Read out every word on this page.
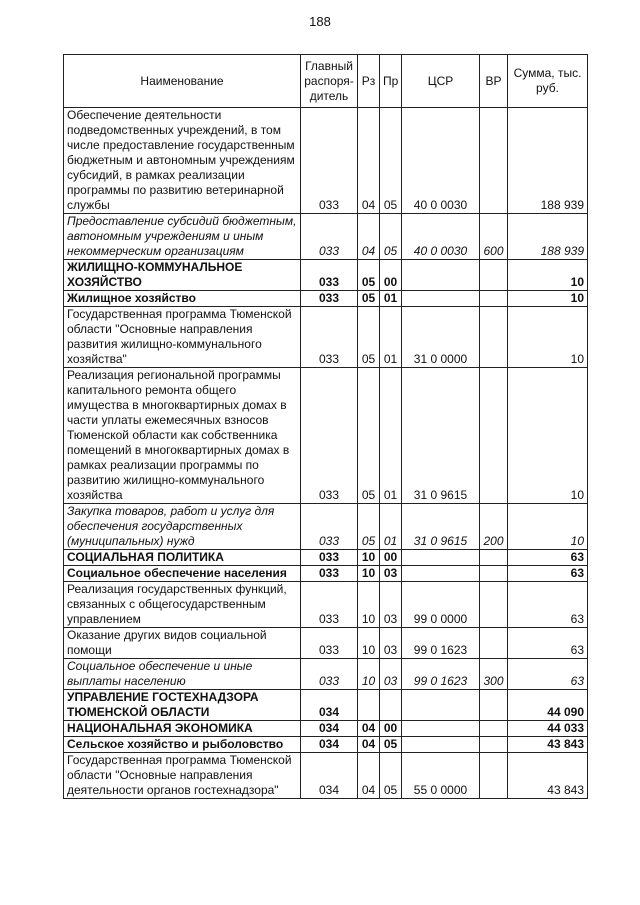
188
Наименование	Главный распоря-дитель	Рз	Пр	ЦСР	ВР	Сумма, тыс. руб.
Обеспечение деятельности подведомственных учреждений, в том числе предоставление государственным бюджетным и автономным учреждениям субсидий, в рамках реализации программы по развитию ветеринарной службы	033	04	05	40 0 0030		188 939
Предоставление субсидий бюджетным, автономным учреждениям и иным некоммерческим организациям	033	04	05	40 0 0030	600	188 939
ЖИЛИЩНО-КОММУНАЛЬНОЕ ХОЗЯЙСТВО	033	05	00			10
Жилищное хозяйство	033	05	01			10
Государственная программа Тюменской области "Основные направления развития жилищно-коммунального хозяйства"	033	05	01	31 0 0000		10
Реализация региональной программы капитального ремонта общего имущества в многоквартирных домах в части уплаты ежемесячных взносов Тюменской области как собственника помещений в многоквартирных домах в рамках реализации программы по развитию жилищно-коммунального хозяйства	033	05	01	31 0 9615		10
Закупка товаров, работ и услуг для обеспечения государственных (муниципальных) нужд	033	05	01	31 0 9615	200	10
СОЦИАЛЬНАЯ ПОЛИТИКА	033	10	00			63
Социальное обеспечение населения	033	10	03			63
Реализация государственных функций, связанных с общегосударственным управлением	033	10	03	99 0 0000		63
Оказание других видов социальной помощи	033	10	03	99 0 1623		63
Социальное обеспечение и иные выплаты населению	033	10	03	99 0 1623	300	63
УПРАВЛЕНИЕ ГОСТЕХНАДЗОРА ТЮМЕНСКОЙ ОБЛАСТИ	034					44 090
НАЦИОНАЛЬНАЯ ЭКОНОМИКА	034	04	00			44 033
Сельское хозяйство и рыболовство	034	04	05			43 843
Государственная программа Тюменской области "Основные направления деятельности органов гостехнадзора"	034	04	05	55 0 0000		43 843
